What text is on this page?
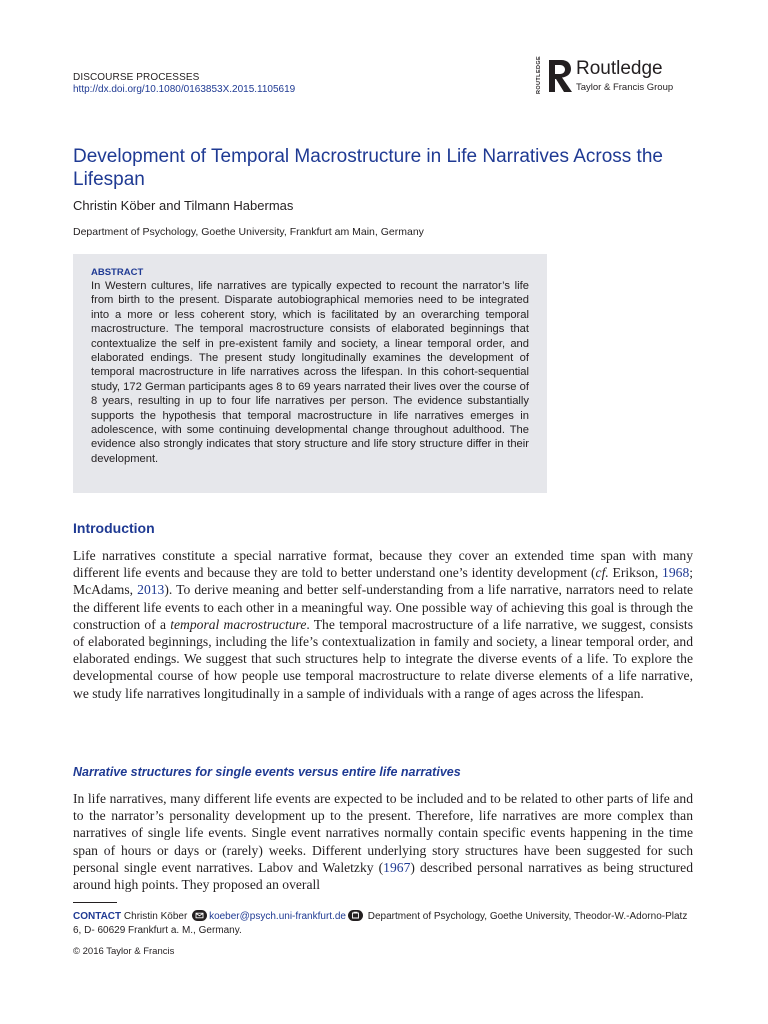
DISCOURSE PROCESSES
http://dx.doi.org/10.1080/0163853X.2015.1105619	ROUTLEDGE Routledge
Taylor & Francis Group
Development of Temporal Macrostructure in Life Narratives Across the Lifespan
Christin Köber and Tilmann Habermas
Department of Psychology, Goethe University, Frankfurt am Main, Germany
ABSTRACT
In Western cultures, life narratives are typically expected to recount the narrator’s life from birth to the present. Disparate autobiographical memories need to be integrated into a more or less coherent story, which is facilitated by an overarching temporal macrostructure. The temporal macrostructure consists of elaborated beginnings that contextualize the self in pre-existent family and society, a linear temporal order, and elaborated endings. The present study longitudinally examines the development of temporal macrostructure in life narratives across the lifespan. In this cohort-sequential study, 172 German participants ages 8 to 69 years narrated their lives over the course of 8 years, resulting in up to four life narratives per person. The evidence substantially supports the hypothesis that temporal macrostructure in life narratives emerges in adolescence, with some continuing developmental change throughout adulthood. The evidence also strongly indicates that story structure and life story structure differ in their development.
Introduction
Life narratives constitute a special narrative format, because they cover an extended time span with many different life events and because they are told to better understand one’s identity development (cf. Erikson, 1968; McAdams, 2013). To derive meaning and better self-understanding from a life narrative, narrators need to relate the different life events to each other in a meaningful way. One possible way of achieving this goal is through the construction of a temporal macrostructure. The temporal macrostructure of a life narrative, we suggest, consists of elaborated beginnings, including the life’s contextualization in family and society, a linear temporal order, and elaborated endings. We suggest that such structures help to integrate the diverse events of a life. To explore the developmental course of how people use temporal macrostructure to relate diverse elements of a life narrative, we study life narratives longitudinally in a sample of individuals with a range of ages across the lifespan.
Narrative structures for single events versus entire life narratives
In life narratives, many different life events are expected to be included and to be related to other parts of life and to the narrator’s personality development up to the present. Therefore, life narratives are more complex than narratives of single life events. Single event narratives normally contain specific events happening in the time span of hours or days or (rarely) weeks. Different underlying story structures have been suggested for such personal single event narratives. Labov and Waletzky (1967) described personal narratives as being structured around high points. They proposed an overall
CONTACT Christin Köber koeber@psych.uni-frankfurt.de Department of Psychology, Goethe University, Theodor-W.-Adorno-Platz 6, D- 60629 Frankfurt a. M., Germany.
© 2016 Taylor & Francis
